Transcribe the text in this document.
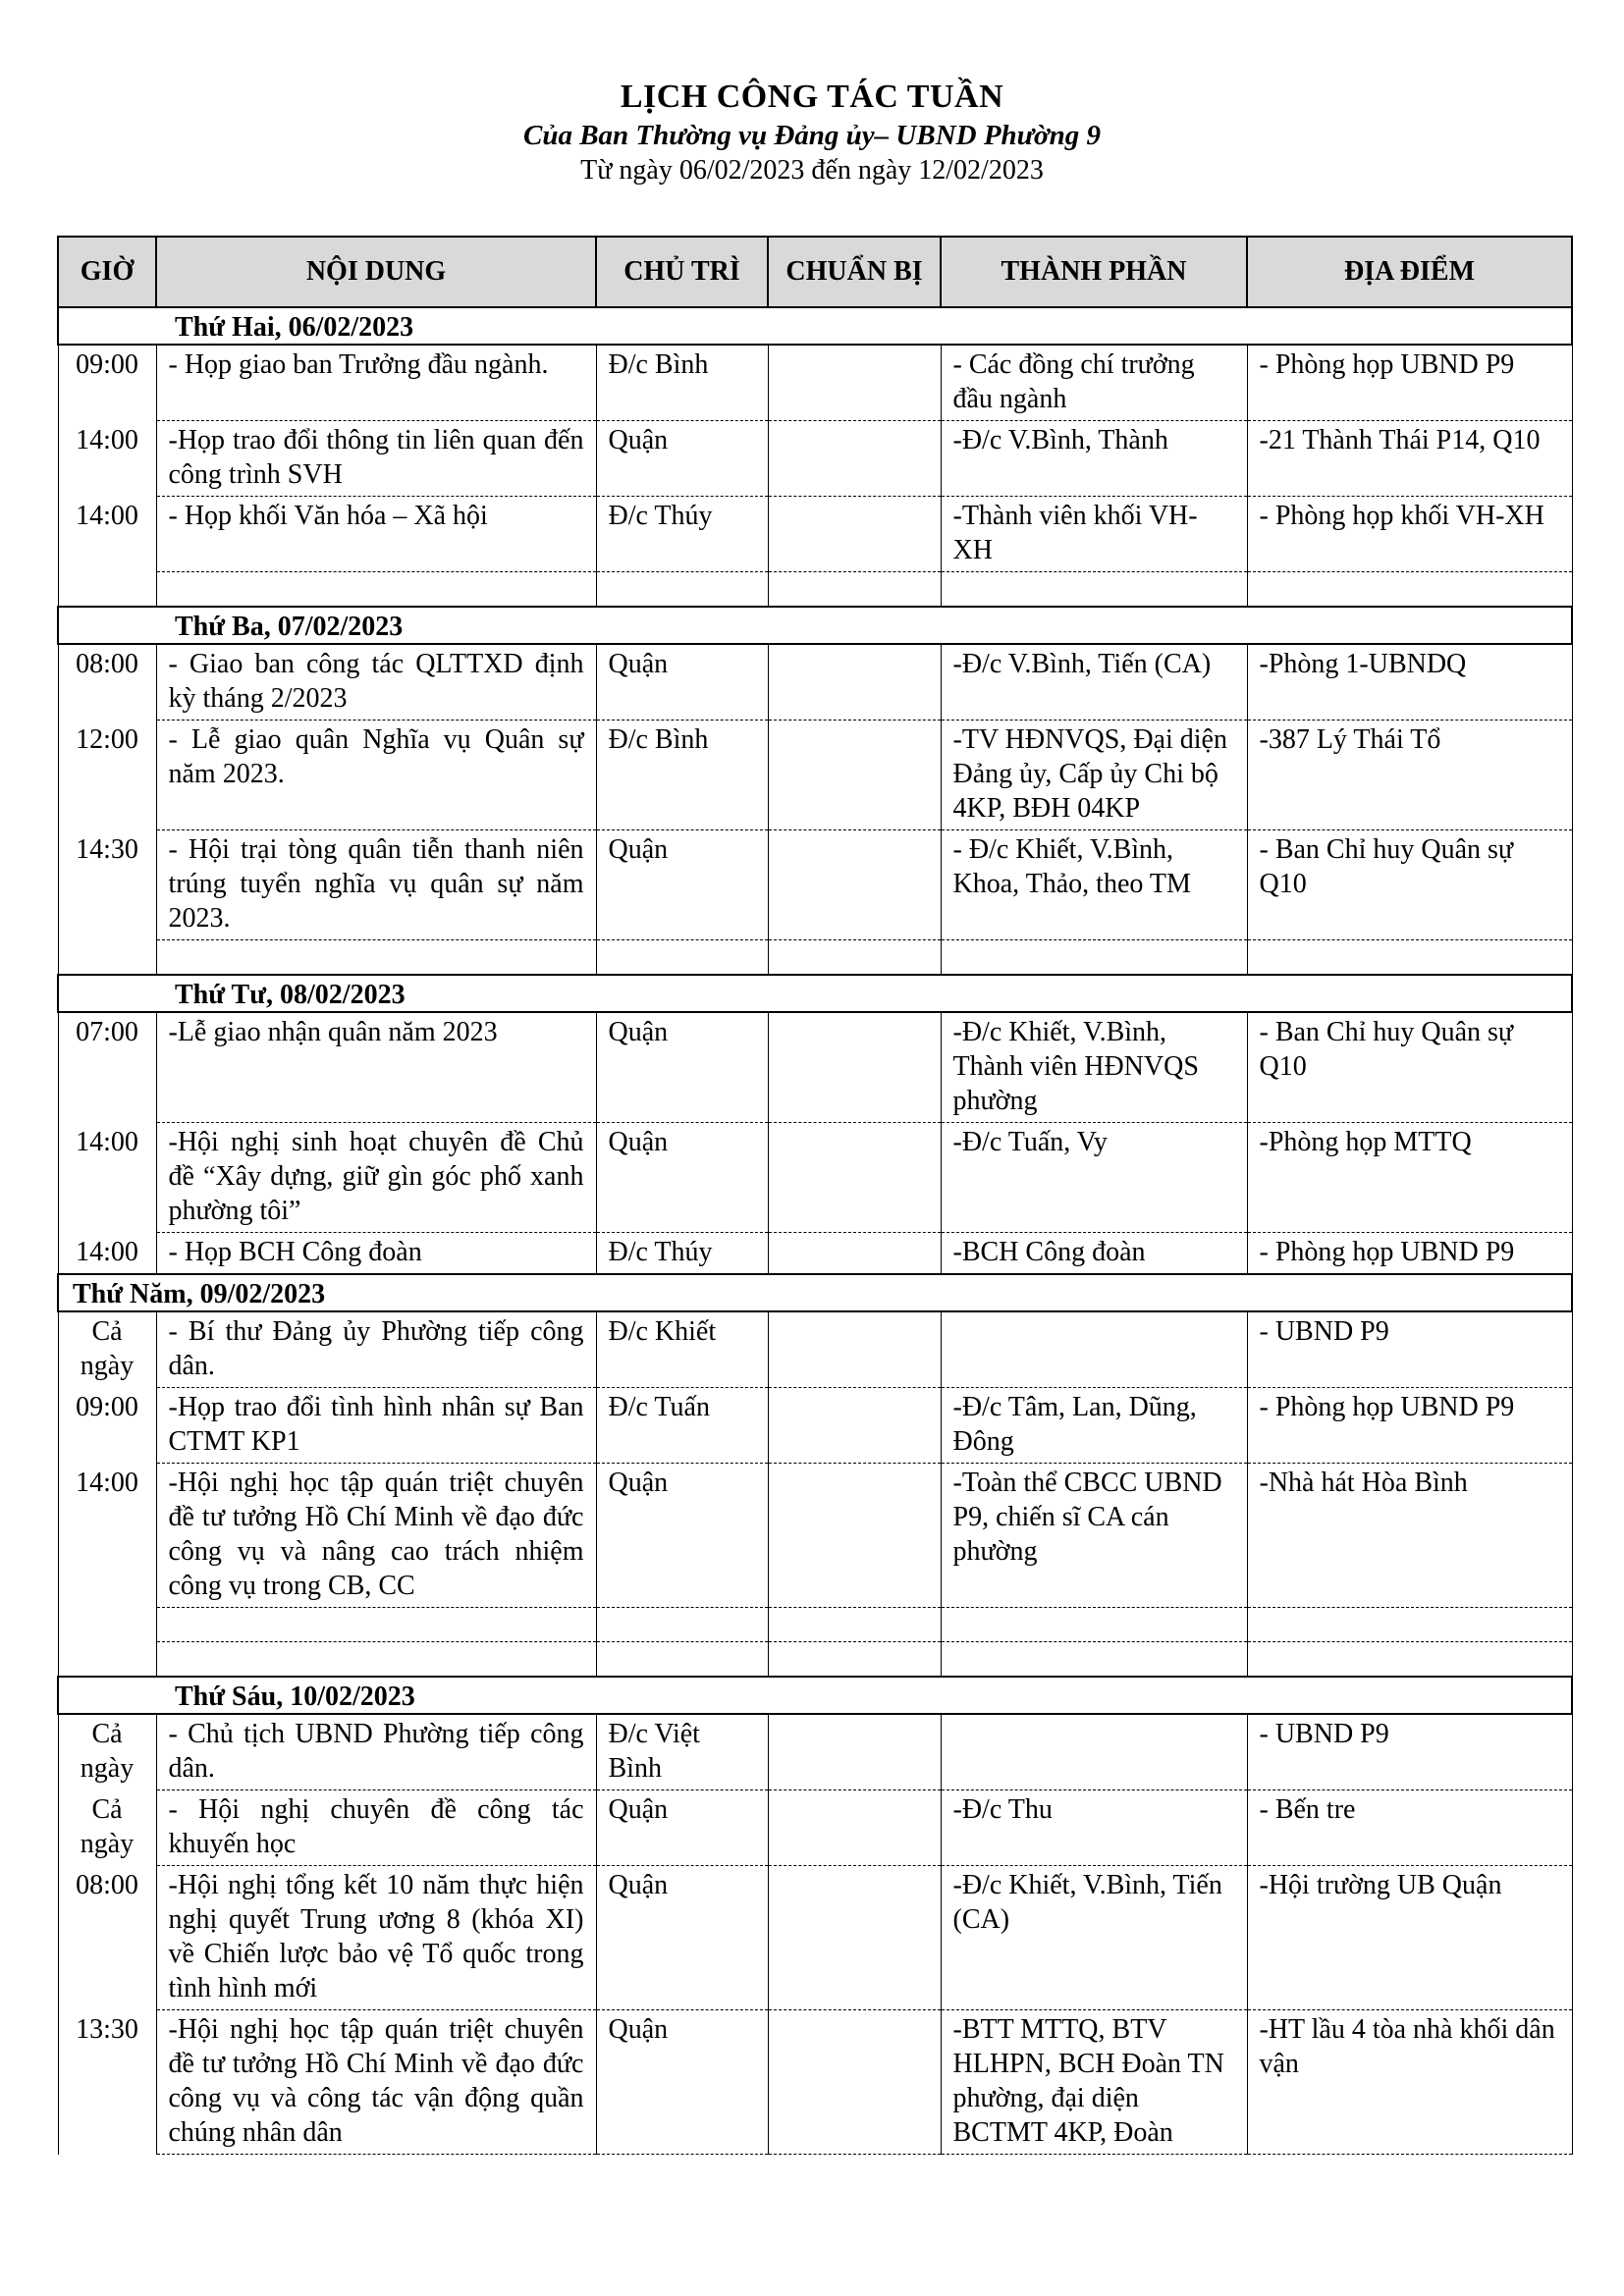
LỊCH CÔNG TÁC TUẦN
Của Ban Thường vụ Đảng ủy– UBND Phường 9
Từ ngày 06/02/2023 đến ngày 12/02/2023
GIỜ	NỘI DUNG	CHỦ TRÌ	CHUẨN BỊ	THÀNH PHẦN	ĐỊA ĐIỂM
Thứ Hai, 06/02/2023					
09:00	- Họp giao ban Trưởng đầu ngành.	Đ/c Bình		- Các đồng chí trưởng đầu ngành	- Phòng họp UBND P9
14:00	-Họp trao đổi thông tin liên quan đến công trình SVH	Quận		-Đ/c V.Bình, Thành	-21 Thành Thái P14, Q10
14:00	- Họp khối Văn hóa – Xã hội	Đ/c Thúy		-Thành viên khối VH-XH	- Phòng họp khối VH-XH

Thứ Ba, 07/02/2023					
08:00	- Giao ban công tác QLTTXD định kỳ tháng 2/2023	Quận		-Đ/c V.Bình, Tiến (CA)	-Phòng 1-UBNDQ
12:00	- Lễ giao quân Nghĩa vụ Quân sự năm 2023.	Đ/c Bình		-TV HĐNVQS, Đại diện Đảng ủy, Cấp ủy Chi bộ 4KP, BĐH 04KP	-387 Lý Thái Tổ
14:30	- Hội trại tòng quân tiễn thanh niên trúng tuyển nghĩa vụ quân sự năm 2023.	Quận		- Đ/c Khiết, V.Bình, Khoa, Thảo, theo TM	- Ban Chỉ huy Quân sự Q10

Thứ Tư, 08/02/2023					
07:00	-Lễ giao nhận quân năm 2023	Quận		-Đ/c Khiết, V.Bình, Thành viên HĐNVQS phường	- Ban Chỉ huy Quân sự Q10
14:00	-Hội nghị sinh hoạt chuyên đề Chủ đề “Xây dựng, giữ gìn góc phố xanh phường tôi”	Quận		-Đ/c Tuấn, Vy	-Phòng họp MTTQ
14:00	- Họp BCH Công đoàn	Đ/c Thúy		-BCH Công đoàn	- Phòng họp UBND P9
Thứ Năm, 09/02/2023					
Cả ngày	- Bí thư Đảng ủy Phường tiếp công dân.	Đ/c Khiết			- UBND P9
09:00	-Họp trao đổi tình hình nhân sự Ban CTMT KP1	Đ/c Tuấn		-Đ/c Tâm, Lan, Dũng, Đông	- Phòng họp UBND P9
14:00	-Hội nghị học tập quán triệt chuyên đề tư tưởng Hồ Chí Minh về đạo đức công vụ và nâng cao trách nhiệm công vụ trong CB, CC	Quận		-Toàn thể CBCC UBND P9, chiến sĩ CA cán phường	-Nhà hát Hòa Bình

Thứ Sáu, 10/02/2023					
Cả ngày	- Chủ tịch UBND Phường tiếp công dân.	Đ/c Việt Bình			- UBND P9
Cả ngày	- Hội nghị chuyên đề công tác khuyến học	Quận		-Đ/c Thu	- Bến tre
08:00	-Hội nghị tổng kết 10 năm thực hiện nghị quyết Trung ương 8 (khóa XI) về Chiến lược bảo vệ Tổ quốc trong tình hình mới	Quận		-Đ/c Khiết, V.Bình, Tiến (CA)	-Hội trường UB Quận
13:30	-Hội nghị học tập quán triệt chuyên đề tư tưởng Hồ Chí Minh về đạo đức công vụ và công tác vận động quần chúng nhân dân	Quận		-BTT MTTQ, BTV HLHPN, BCH Đoàn TN phường, đại diện BCTMT 4KP, Đoàn	-HT lầu 4 tòa nhà khối dân vận
